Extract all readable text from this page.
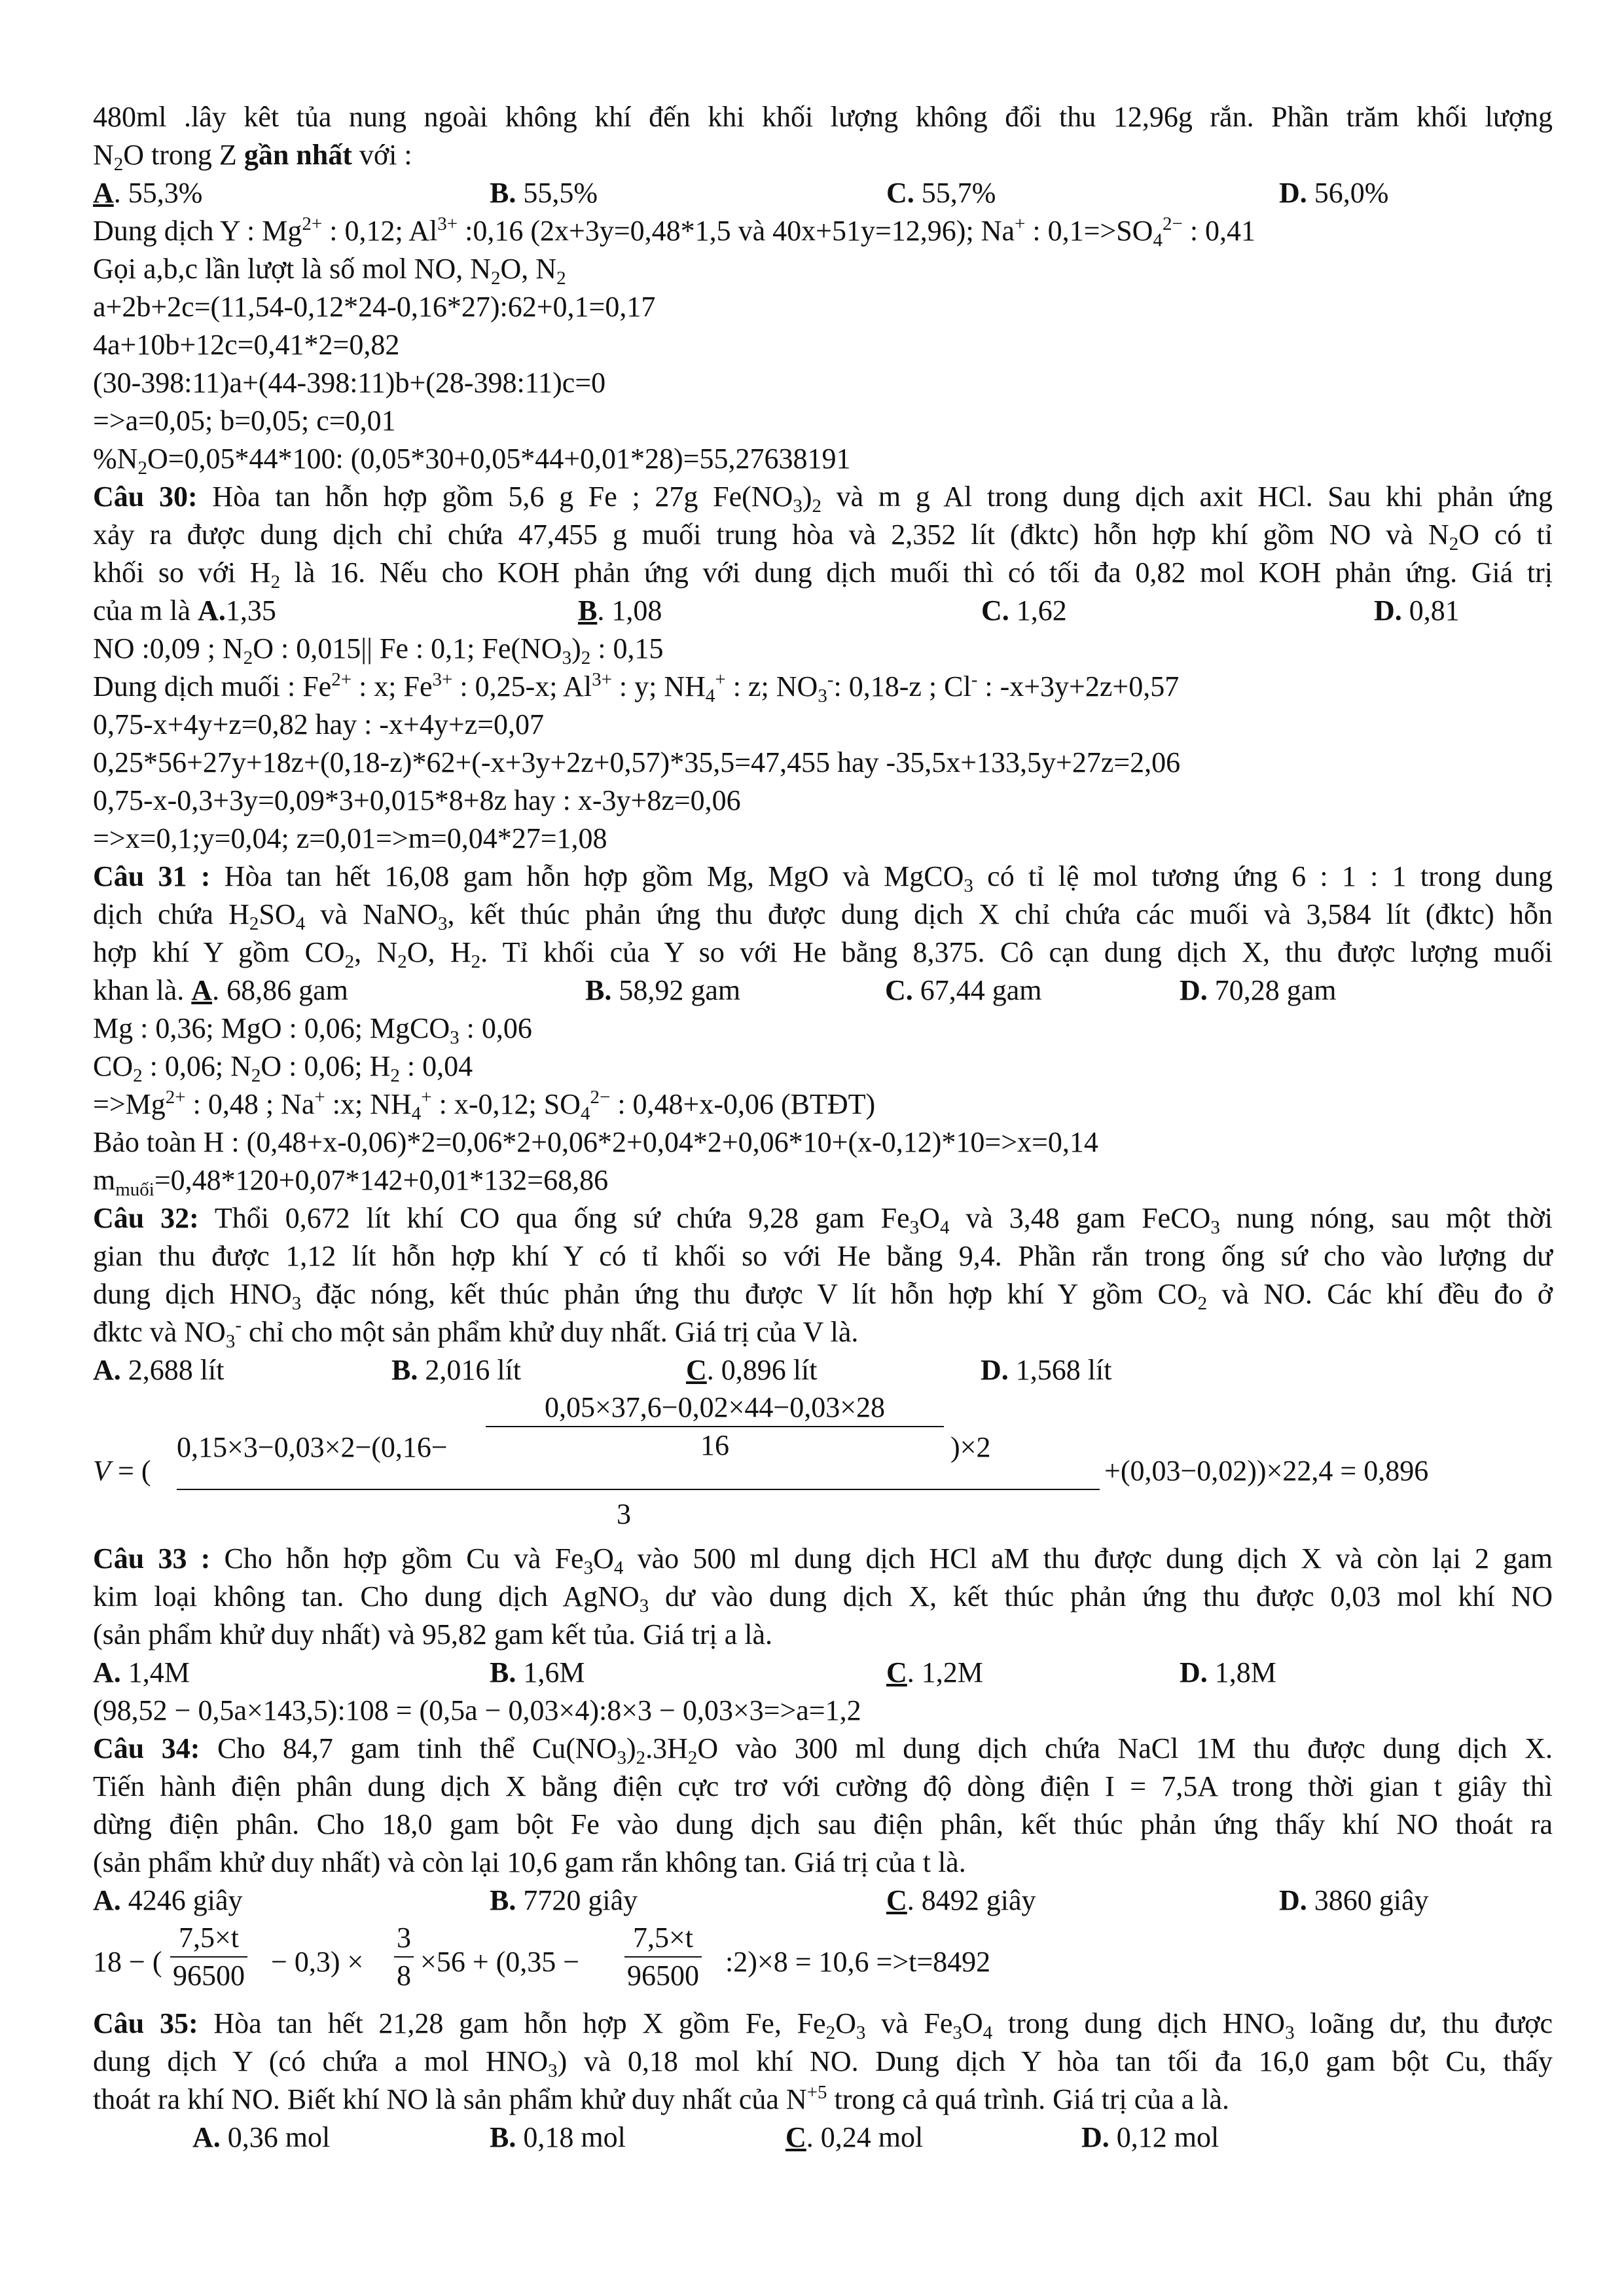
480ml .lây kêt tủa nung ngoài không khí đến khi khối lượng không đổi thu 12,96g rắn. Phần trăm khối lượng
$N_2O$ trong Z gần nhất với :
A. 55,3%	B. 55,5%	C. 55,7%	D. 56,0%
Dung dịch Y : $Mg^{2+}$ : 0,12; $Al^{3+}$ :0,16 (2x+3y=0,48*1,5 và 40x+51y=12,96); Na+ : $0,1=>SO_4^{2-}$ : 0,41
Gọi a,b,c lần lượt là số mol NO, $N_2O$, $N_2$
a+2b+2c=(11,54-0,12*24-0,16*27):62+0,1=0,17
4a+10b+12c=0,41*2=0,82
(30-398:11)a+(44-398:11)b+(28-398:11)c=0
=>a=0,05; b=0,05; c=0,01
$\%N_2O=0,05*44*100$: (0,05*30+0,05*44+0,01*28)=55,27638191
Câu 30: Hòa tan hỗn hợp gồm 5,6 g Fe ; 27g $Fe(NO_3)_2$ và m g Al trong dung dịch axit HCl. Sau khi phản ứng
xảy ra được dung dịch chỉ chứa 47,455 g muối trung hòa và 2,352 lít (đktc) hỗn hợp khí gồm NO và $N_2O$ có tỉ
khối so với $H_2$ là 16. Nếu cho KOH phản ứng với dung dịch muối thì có tối đa 0,82 mol KOH phản ứng. Giá trị
của m là A.1,35	B. 1,08	C. 1,62	D. 0,81
NO :0,09 ; $N_2O$ : 0,015|| Fe : 0,1; $Fe(NO_3)_2$ : 0,15
Dung dịch muối : $Fe^{2+}$ : x; $Fe^{3+}$ : 0,25-x; $Al^{3+}$ : y; $NH_4^+$ : z; $NO_3^-$: 0,18-z ; Cl- : -x+3y+2z+0,57
0,75-x+4y+z=0,82 hay : -x+4y+z=0,07
0,25*56+27y+18z+(0,18-z)*62+(-x+3y+2z+0,57)*35,5=47,455 hay -35,5x+133,5y+27z=2,06
0,75-x-0,3+3y=0,09*3+0,015*8+8z hay : x-3y+8z=0,06
=>x=0,1;y=0,04; z=0,01=>m=0,04*27=1,08
Câu 31 : Hòa tan hết 16,08 gam hỗn hợp gồm Mg, MgO và MgCO$_3$ có tỉ lệ mol tương ứng 6 : 1 : 1 trong dung
dịch chứa $H_2SO_4$ và NaNO$_3$, kết thúc phản ứng thu được dung dịch X chỉ chứa các muối và 3,584 lít (đktc) hỗn
hợp khí Y gồm $CO_2$, $N_2O$, $H_2$. Tỉ khối của Y so với He bằng 8,375. Cô cạn dung dịch X, thu được lượng muối
khan là. A. 68,86 gam	B. 58,92 gam	C. 67,44 gam	D. 70,28 gam
Mg : 0,36; MgO : 0,06; MgCO$_3$ : 0,06
$CO_2$ : 0,06; $N_2O$ : 0,06; $H_2$ : 0,04
$=>Mg^{2+}$ : 0,48 ; Na+ :x; $NH_4^+$ : x-0,12; $SO_4^{2-}$ : 0,48+x-0,06 (BTĐT)
Bảo toàn H : (0,48+x-0,06)*2=0,06*2+0,06*2+0,04*2+0,06*10+(x-0,12)*10=>x=0,14
$m_{muối}=0,48*120+0,07*142+0,01*132=68,86$
Câu 32: Thổi 0,672 lít khí CO qua ống sứ chứa 9,28 gam $Fe_3O_4$ và 3,48 gam FeCO$_3$ nung nóng, sau một thời
gian thu được 1,12 lít hỗn hợp khí Y có tỉ khối so với He bằng 9,4. Phần rắn trong ống sứ cho vào lượng dư
dung dịch $HNO_3$ đặc nóng, kết thúc phản ứng thu được V lít hỗn hợp khí Y gồm $CO_2$ và NO. Các khí đều đo ở
đktc và $NO_3^-$ chỉ cho một sản phẩm khử duy nhất. Giá trị của V là.
A. 2,688 lít	B. 2,016 lít	C. 0,896 lít	D. 1,568 lít
V = (
$0,15\times 3-0,03\times 2-(0,16- \frac{0,05\times 37,6-0,02\times 44-0,03\times 28}{16} )\times 2$
3
+(0,03−0,02))×22,4 = 0,896
Câu 33 : Cho hỗn hợp gồm Cu và $Fe_3O_4$ vào 500 ml dung dịch HCl aM thu được dung dịch X và còn lại 2 gam
kim loại không tan. Cho dung dịch AgNO$_3$ dư vào dung dịch X, kết thúc phản ứng thu được 0,03 mol khí NO
(sản phẩm khử duy nhất) và 95,82 gam kết tủa. Giá trị a là.
A. 1,4M	B. 1,6M	C. 1,2M	D. 1,8M
(98,52 − 0,5a×143,5):108 = (0,5a − 0,03×4):8×3 − 0,03×3=>a=1,2
Câu 34: Cho 84,7 gam tinh thể $Cu(NO_3)_2.3H_2O$ vào 300 ml dung dịch chứa NaCl 1M thu được dung dịch X.
Tiến hành điện phân dung dịch X bằng điện cực trơ với cường độ dòng điện I = 7,5A trong thời gian t giây thì
dừng điện phân. Cho 18,0 gam bột Fe vào dung dịch sau điện phân, kết thúc phản ứng thấy khí NO thoát ra
(sản phẩm khử duy nhất) và còn lại 10,6 gam rắn không tan. Giá trị của t là.
A. 4246 giây	B. 7720 giây	C. 8492 giây	D. 3860 giây
18 − ( $\frac{7,5\times t}{96500} - 0,3) \times \frac{3}{8} \times 56 + (0,35 - \frac{7,5\times t}{96500}$ :2)×8 = 10,6 =>t=8492
Câu 35: Hòa tan hết 21,28 gam hỗn hợp X gồm Fe, $Fe_2O_3$ và $Fe_3O_4$ trong dung dịch $HNO_3$ loãng dư, thu được
dung dịch Y (có chứa a mol $HNO_3$) và 0,18 mol khí NO. Dung dịch Y hòa tan tối đa 16,0 gam bột Cu, thấy
thoát ra khí NO. Biết khí NO là sản phẩm khử duy nhất của $N^{+5}$ trong cả quá trình. Giá trị của a là.
A. 0,36 mol	B. 0,18 mol	C. 0,24 mol	D. 0,12 mol
